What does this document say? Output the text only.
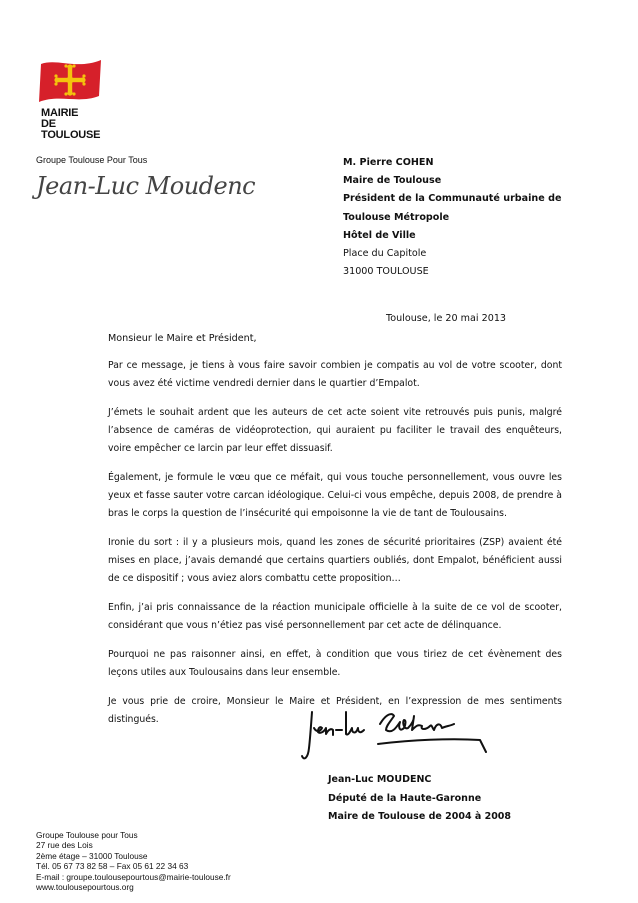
MAIRIE
DE
TOULOUSE
Groupe Toulouse Pour Tous
Jean-Luc Moudenc
M. Pierre COHEN
Maire de Toulouse
Président de la Communauté urbaine de
Toulouse Métropole
Hôtel de Ville
Place du Capitole
31000 TOULOUSE
Toulouse, le 20 mai 2013
Monsieur le Maire et Président,

Par ce message, je tiens à vous faire savoir combien je compatis au vol de votre scooter, dont vous avez été victime vendredi dernier dans le quartier d’Empalot.

J’émets le souhait ardent que les auteurs de cet acte soient vite retrouvés puis punis, malgré l’absence de caméras de vidéoprotection, qui auraient pu faciliter le travail des enquêteurs, voire empêcher ce larcin par leur effet dissuasif.

Également, je formule le vœu que ce méfait, qui vous touche personnellement, vous ouvre les yeux et fasse sauter votre carcan idéologique. Celui-ci vous empêche, depuis 2008, de prendre à bras le corps la question de l’insécurité qui empoisonne la vie de tant de Toulousains.

Ironie du sort : il y a plusieurs mois, quand les zones de sécurité prioritaires (ZSP) avaient été mises en place, j’avais demandé que certains quartiers oubliés, dont Empalot, bénéficient aussi de ce dispositif ; vous aviez alors combattu cette proposition…

Enfin, j’ai pris connaissance de la réaction municipale officielle à la suite de ce vol de scooter, considérant que vous n’étiez pas visé personnellement par cet acte de délinquance.

Pourquoi ne pas raisonner ainsi, en effet, à condition que vous tiriez de cet évènement des leçons utiles aux Toulousains dans leur ensemble.

Je vous prie de croire, Monsieur le Maire et Président, en l’expression de mes sentiments distingués.

Jean-Luc MOUDENC
Député de la Haute-Garonne
Maire de Toulouse de 2004 à 2008
Groupe Toulouse pour Tous
27 rue des Lois
2ème étage – 31000 Toulouse
Tél. 05 67 73 82 58 – Fax 05 61 22 34 63
E-mail : groupe.toulousepourtous@mairie-toulouse.fr
www.toulousepourtous.org
